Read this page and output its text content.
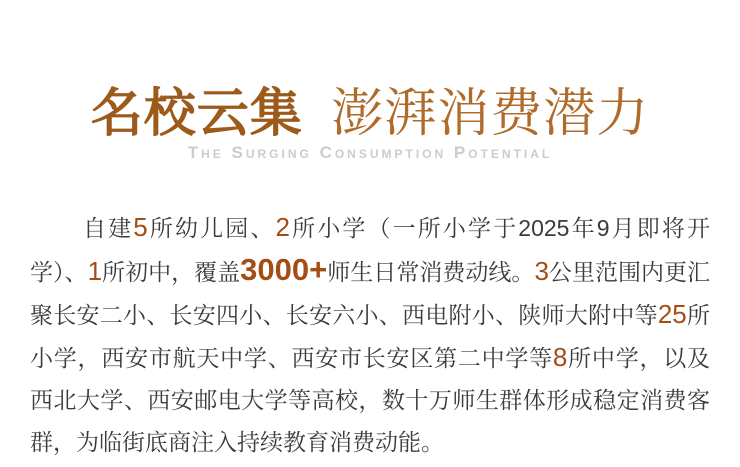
名校云集 澎湃消费潜力
The Surging Consumption Potential

自建5所幼儿园、2所小学（一所小学于2025年9月即将开学）、1所初中，覆盖3000+师生日常消费动线。3公里范围内更汇聚长安二小、长安四小、长安六小、西电附小、陕师大附中等25所小学，西安市航天中学、西安市长安区第二中学等8所中学，以及西北大学、西安邮电大学等高校，数十万师生群体形成稳定消费客群，为临街底商注入持续教育消费动能。
